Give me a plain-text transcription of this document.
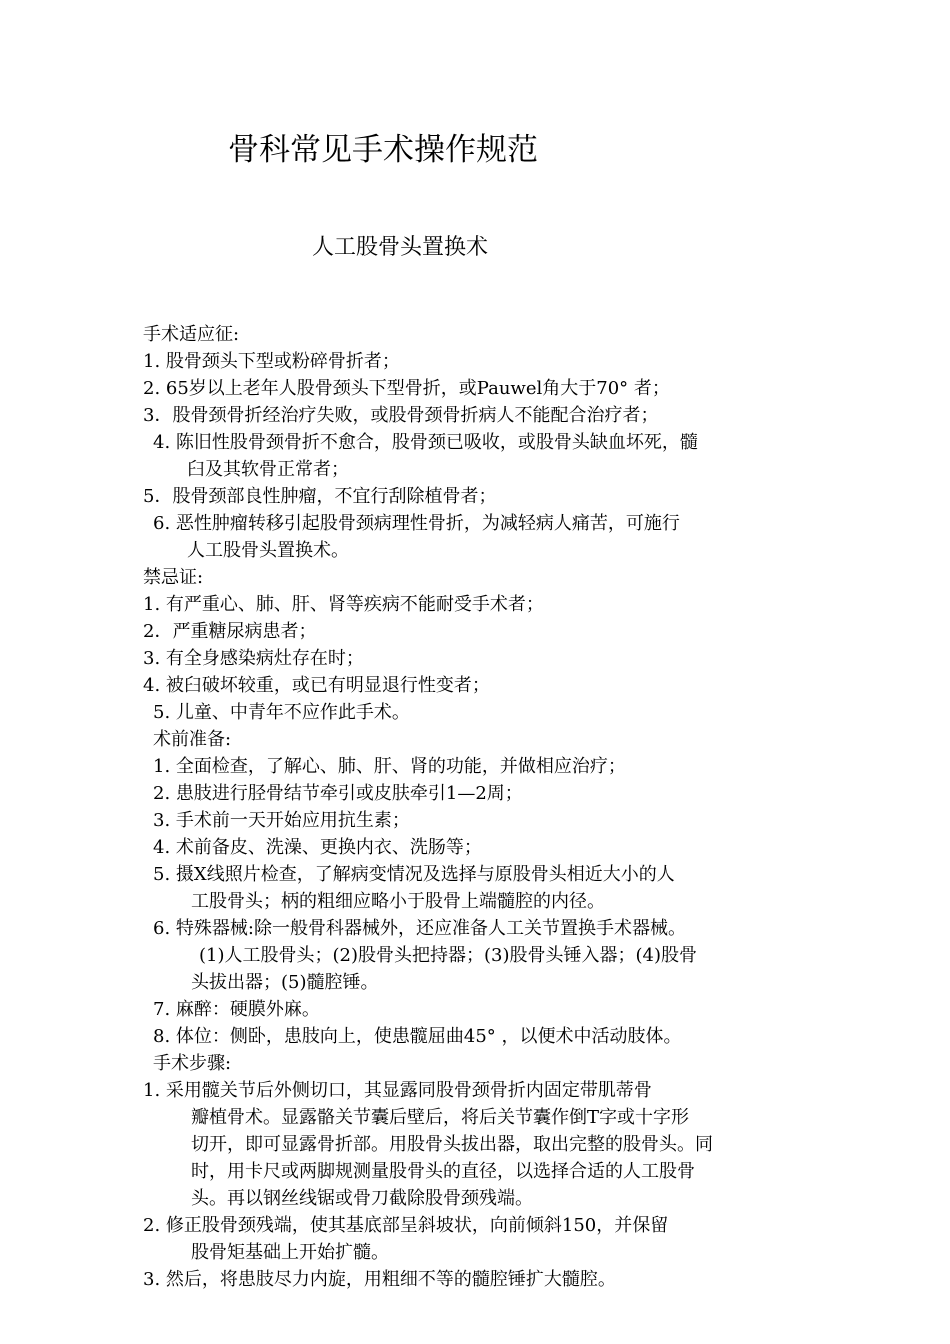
骨科常见手术操作规范
人工股骨头置换术
手术适应征:
1. 股骨颈头下型或粉碎骨折者；
2. 65岁以上老年人股骨颈头下型骨折，或Pauwel角大于70° 者；
3．股骨颈骨折经治疗失败，或股骨颈骨折病人不能配合治疗者；
4. 陈旧性股骨颈骨折不愈合，股骨颈已吸收，或股骨头缺血坏死，髓
臼及其软骨正常者；
5．股骨颈部良性肿瘤，不宜行刮除植骨者；
6. 恶性肿瘤转移引起股骨颈病理性骨折，为减轻病人痛苦，可施行
人工股骨头置换术。
禁忌证:
1. 有严重心、肺、肝、肾等疾病不能耐受手术者；
2．严重糖尿病患者；
3. 有全身感染病灶存在时；
4. 被臼破坏较重，或已有明显退行性变者；
5. 儿童、中青年不应作此手术。
术前准备:
1. 全面检查，了解心、肺、肝、肾的功能，并做相应治疗；
2. 患肢进行胫骨结节牵引或皮肤牵引1—2周；
3. 手术前一天开始应用抗生素；
4. 术前备皮、洗澡、更换内衣、洗肠等；
5. 摄X线照片检查，了解病变情况及选择与原股骨头相近大小的人
工股骨头；柄的粗细应略小于股骨上端髓腔的内径。
6. 特殊器械:除一般骨科器械外，还应准备人工关节置换手术器械。
(1)人工股骨头；(2)股骨头把持器；(3)股骨头锤入器；(4)股骨
头拔出器；(5)髓腔锤。
7. 麻醉：硬膜外麻。
8. 体位：侧卧，患肢向上，使患髋屈曲45° ，以便术中活动肢体。
手术步骤:
1. 采用髋关节后外侧切口，其显露同股骨颈骨折内固定带肌蒂骨
瓣植骨术。显露骼关节囊后壁后，将后关节囊作倒T字或十字形
切开，即可显露骨折部。用股骨头拔出器，取出完整的股骨头。同
时，用卡尺或两脚规测量股骨头的直径，以选择合适的人工股骨
头。再以钢丝线锯或骨刀截除股骨颈残端。
2. 修正股骨颈残端，使其基底部呈斜坡状，向前倾斜150，并保留
股骨矩基础上开始扩髓。
3. 然后，将患肢尽力内旋，用粗细不等的髓腔锤扩大髓腔。
